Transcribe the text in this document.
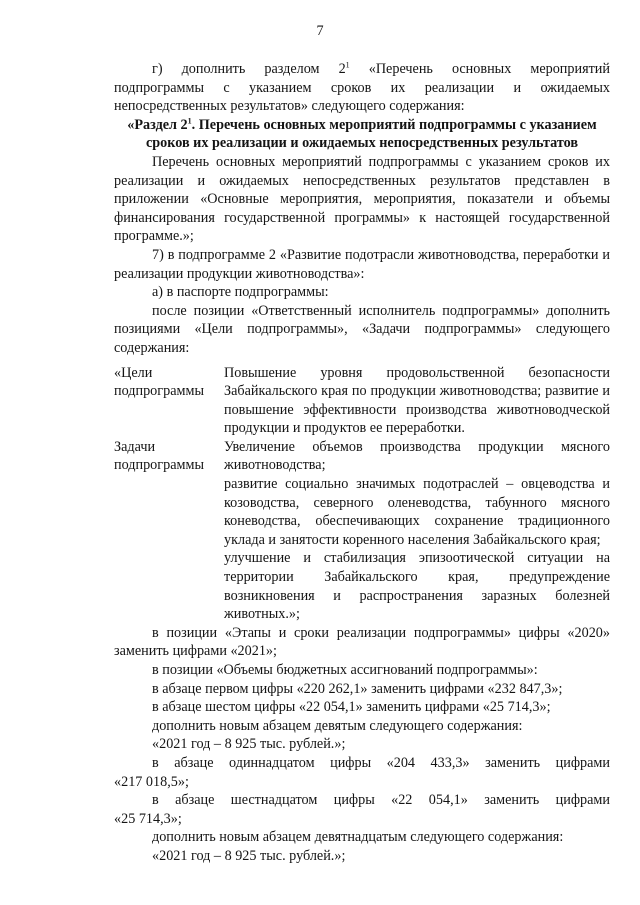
7

г) дополнить разделом $2^1$ «Перечень основных мероприятий подпрограммы с указанием сроков их реализации и ожидаемых непосредственных результатов» следующего содержания:

«Раздел $2^1$. Перечень основных мероприятий подпрограммы с указанием сроков их реализации и ожидаемых непосредственных результатов

Перечень основных мероприятий подпрограммы с указанием сроков их реализации и ожидаемых непосредственных результатов представлен в приложении «Основные мероприятия, мероприятия, показатели и объемы финансирования государственной программы» к настоящей государственной программе.»;

7) в подпрограмме 2 «Развитие подотрасли животноводства, переработки и реализации продукции животноводства»:

а) в паспорте подпрограммы:

после позиции «Ответственный исполнитель подпрограммы» дополнить позициями «Цели подпрограммы», «Задачи подпрограммы» следующего содержания:

«Цели подпрограммы
Повышение уровня продовольственной безопасности Забайкальского края по продукции животноводства; развитие и повышение эффективности производства животноводческой продукции и продуктов ее переработки.
Задачи подпрограммы

Увеличение объемов производства продукции мясного животноводства;

развитие социально значимых подотраслей – овцеводства и козоводства, северного оленеводства, табунного мясного коневодства, обеспечивающих сохранение традиционного уклада и занятости коренного населения Забайкальского края;

улучшение и стабилизация эпизоотической ситуации на территории Забайкальского края, предупреждение возникновения и распространения заразных болезней животных.»;

в позиции «Этапы и сроки реализации подпрограммы» цифры «2020» заменить цифрами «2021»;

в позиции «Объемы бюджетных ассигнований подпрограммы»:

в абзаце первом цифры «220 262,1» заменить цифрами «232 847,3»;

в абзаце шестом цифры «22 054,1» заменить цифрами «25 714,3»;

дополнить новым абзацем девятым следующего содержания:

«2021 год – 8 925 тыс. рублей.»;

в абзаце одиннадцатом цифры «204 433,3» заменить цифрами

«217 018,5»;

в абзаце шестнадцатом цифры «22 054,1» заменить цифрами

«25 714,3»;

дополнить новым абзацем девятнадцатым следующего содержания:

«2021 год – 8 925 тыс. рублей.»;
